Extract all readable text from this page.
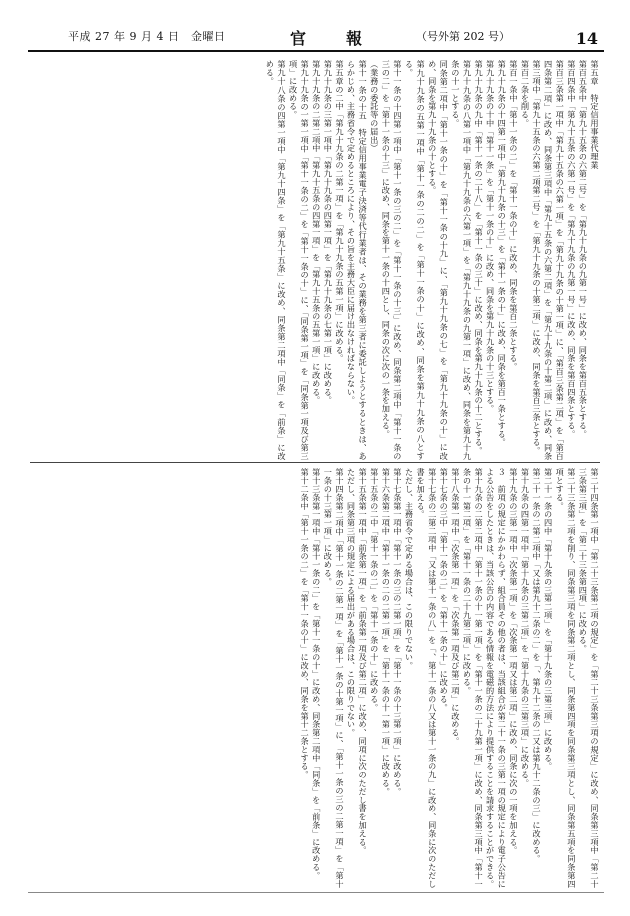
平成 27 年 9 月 4 日　金曜日	官　報	（号外第 202 号）	14
第五章　特定信用事業代理業
第百五条中「第九十五条の六第二号」を「第九十九条の九第一号」に改め、同条を第百五条とする。
第百四条中「第九十五条の六第一号」を「第九十九条の九第一号」に改め、同条を第百四条とする。
第百三条第一項中「第九十五条の六第一項」を「第九十九条の十第一項」に、「第百三条第二項」を「第百四条第二項」に改め、同条第三項中「第九十五条の六第二項」を「第九十九条の十第二項」に改め、同条第三項中「第九十五条の六第二項第二号」を「第九十九条の十第二項」に改め、同条を第百三条とする。
第百二条を削る。
第百一条中「第十一条の二」を「第十一条の十」に改め、同条を第百二条とする。
第九十九条の十四第一項中「第九十九条の十三」を「第十一条の十」に改め、同条を第百一条とする。
第九十九条の十中「第十一条」を「第十一条の十」に改め、同条を第九十九条の十三とする。
第九十九条の九中「第十一条の二十八」を「第十一条の三十」に改め、同条を第九十九条の十二とする。
第九十九条の八第一項中「第九十九条の六第一項」を「第九十九条の九第一項」に改め、同条を第九十九条の十一とする。
同条第二項中「第十一条の十」を「第十一条の十九」に、「第九十九条の七」を「第九十九条の十」に改め、同条を第九十九条の十とする。
第九十九条の五第一項中「第十一条の二の二」を「第十一条の十」に改め、同条を第九十九条の八とする。
第十一条の十四第一項中「第十一条の三の二」を「第十一条の十三」に改め、同条第二項中「第十一条の三の二」を「第十一条の十三」に改め、同条を第十一条の十四とし、同条の次に次の一条を加える。
（業務の委託等の届出）
第十一条の十五　特定信用事業電子決済等代行業者は、その業務を第三者に委託しようとするときは、あらかじめ、主務省令で定めるところにより、その旨を主務大臣に届け出なければならない。
第五章の二中「第九十九条の二第一項」を「第九十九条の五第一項」に改める。
第九十九条の三第一項中「第九十九条の四第一項」を「第九十九条の七第一項」に改める。
第九十九条の二第二項中「第九十五条の四第一項」を「第九十五条の五第一項」に改める。
第九十九条の一第一項中「第十一条の二」を「第十一条の十」に、「同条第一項」を「同条第一項及び第三項」に改める。
第九十八条の四第一項中「第九十四条」を「第九十五条」に改め、同条第二項中「同条」を「前条」に改める。
第二十四条第一項中「第二十三条第二項の規定」を「第二十三条第三項の規定」に改め、同条第三項中「第二十三条第三項」を「第二十三条第四項」に改める。
第二十三条第二項を削り、同条第三項を同条第二項とし、同条第四項を同条第三項とし、同条第五項を同条第四項とする。
第二十一条の四中「第十九条の三第二項」を「第十九条の三第三項」に改める。
第二十一条の二第二項中「又は第九十二条の二」を「、第九十二条の二又は第九十二条の三」に改める。
第十九条の四第一項中「第十九条の三第二項」を「第十九条の三第三項」に改める。
第十九条の三第一項中「次条第一項」を「次条第一項又は第二項」に改め、同条に次の一項を加える。
３　前項の規定にかかわらず、組合員その他の者は、当該組合が第二十一条の三第一項の規定により電子公告による公告をしたときは、当該公告の内容である情報を電磁的方法により提供することを請求することができる。
第十九条の二第二項中「第十一条の十一第一項」を「第十一条の二十九第一項」に改め、同条第三項中「第十一条の十一第二項」を「第十一条の二十九第二項」に改める。
第十八条第一項中「次条第一項」を「次条第一項及び第二項」に改める。
第十七条の三中「第十一条の二」を「第十一条の十」に改める。
第十七条の二第二項中「又は第十一条の八」を「、第十一条の八又は第十一条の九」に改め、同条に次のただし書を加える。
ただし、主務省令で定める場合は、この限りでない。
第十七条第一項中「第十一条の三の二第一項」を「第十一条の十三第一項」に改める。
第十六条第二項中「第十一条の二の二第一項」を「第十一条の十一第一項」に改める。
第十五条の二中「第十一条の二」を「第十一条の十」に改める。
第十五条第一項中「前条第一項」を「前条第一項及び第二項」に改め、同項に次のただし書を加える。
ただし、同条第三項の規定による届出がある場合は、この限りでない。
第十四条第二項中「第十一条の二第一項」を「第十一条の十第一項」に、「第十一条の三の二第一項」を「第十一条の十三第一項」に改める。
第十三条第一項中「第十一条の二」を「第十一条の十」に改め、同条第二項中「同条」を「前条」に改める。
第十二条中「第十一条の二」を「第十一条の十」に改め、同条を第十二条とする。
